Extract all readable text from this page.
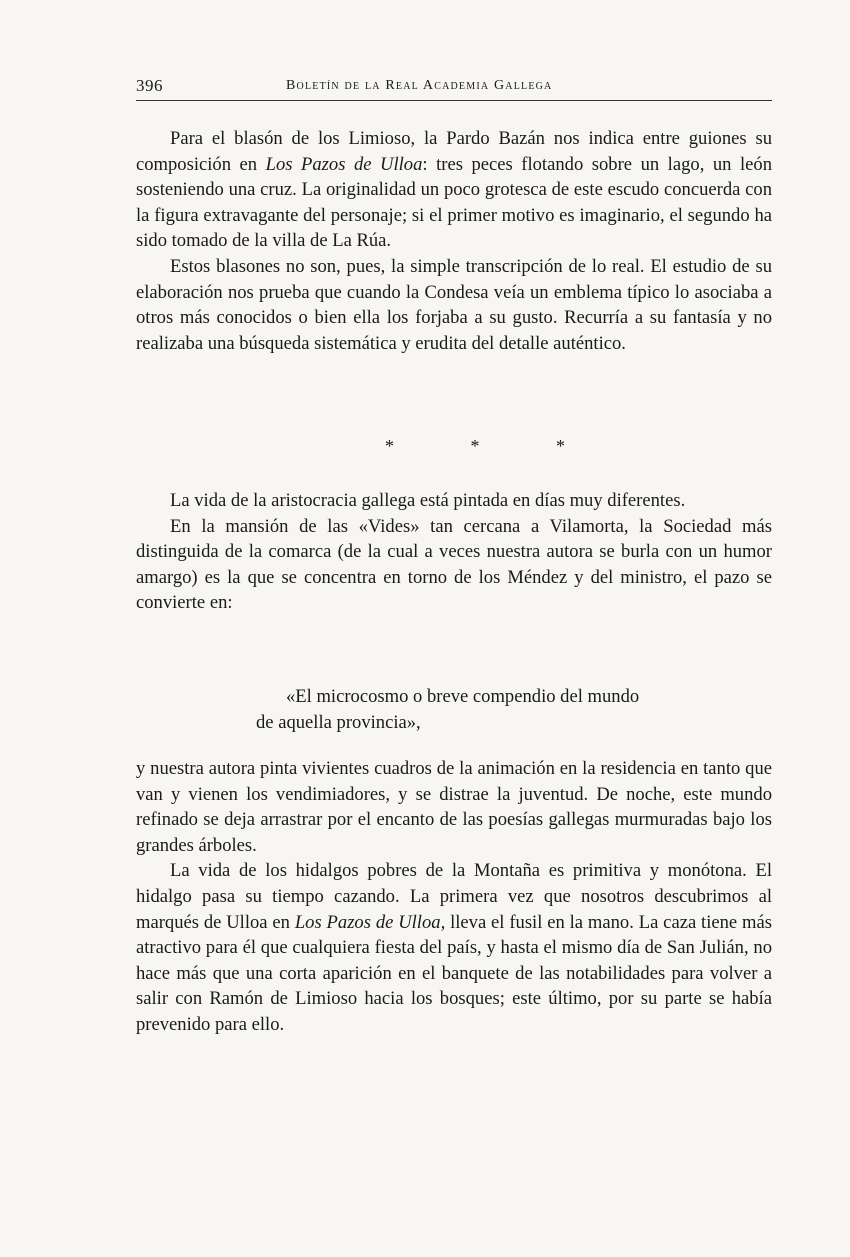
396	Boletín de la Real Academia Gallega

Para el blasón de los Limioso, la Pardo Bazán nos indica entre guiones su composición en Los Pazos de Ulloa: tres peces flotando sobre un lago, un león sosteniendo una cruz. La originalidad un poco grotesca de este escudo concuerda con la figura extravagante del personaje; si el primer motivo es imaginario, el segundo ha sido tomado de la villa de La Rúa.

Estos blasones no son, pues, la simple transcripción de lo real. El estudio de su elaboración nos prueba que cuando la Condesa veía un emblema típico lo asociaba a otros más conocidos o bien ella los forjaba a su gusto. Recurría a su fantasía y no realizaba una búsqueda sistemática y erudita del detalle auténtico.

* * *

La vida de la aristocracia gallega está pintada en días muy diferentes.

En la mansión de las «Vides» tan cercana a Vilamorta, la Sociedad más distinguida de la comarca (de la cual a veces nuestra autora se burla con un humor amargo) es la que se concentra en torno de los Méndez y del ministro, el pazo se convierte en:

«El microcosmo o breve compendio del mundo
de aquella provincia»,

y nuestra autora pinta vivientes cuadros de la animación en la residencia en tanto que van y vienen los vendimiadores, y se distrae la juventud. De noche, este mundo refinado se deja arrastrar por el encanto de las poesías gallegas murmuradas bajo los grandes árboles.

La vida de los hidalgos pobres de la Montaña es primitiva y monótona. El hidalgo pasa su tiempo cazando. La primera vez que nosotros descubrimos al marqués de Ulloa en Los Pazos de Ulloa, lleva el fusil en la mano. La caza tiene más atractivo para él que cualquiera fiesta del país, y hasta el mismo día de San Julián, no hace más que una corta aparición en el banquete de las notabilidades para volver a salir con Ramón de Limioso hacia los bosques; este último, por su parte se había prevenido para ello.
